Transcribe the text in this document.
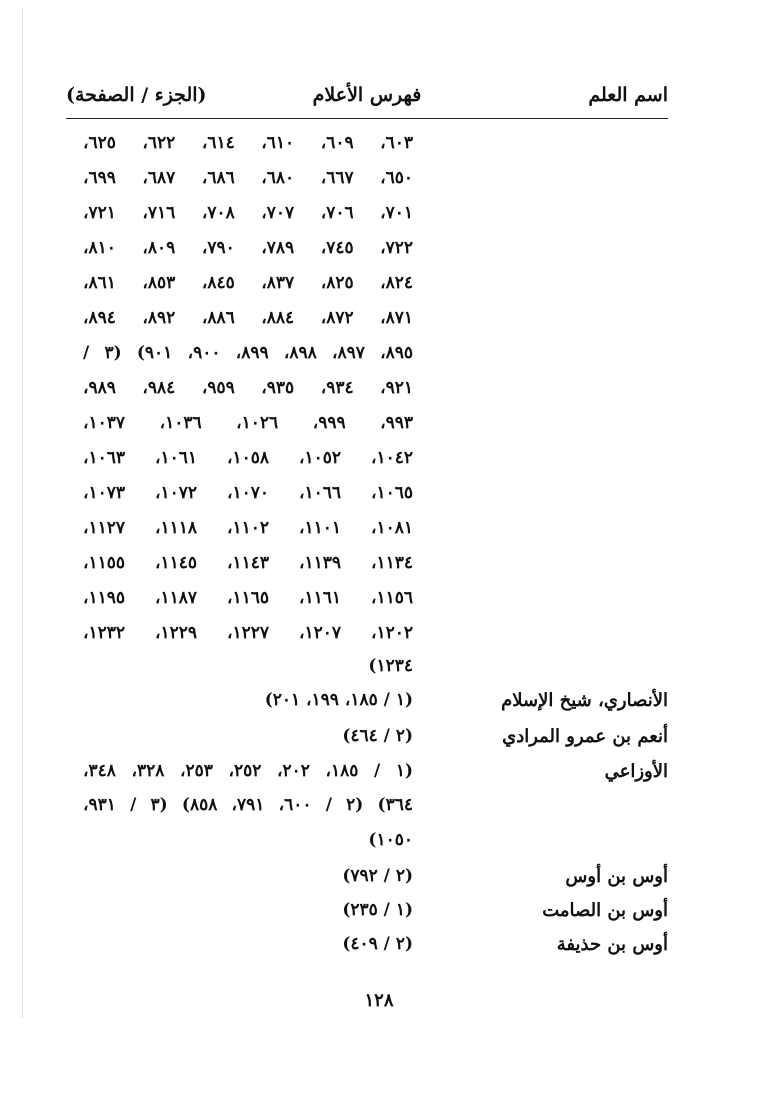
اسم العلم
فهرس الأعلام
(الجزء / الصفحة)
٦٠٣، ٦٠٩، ٦١٠، ٦١٤، ٦٢٢، ٦٢٥،
٦٥٠، ٦٦٧، ٦٨٠، ٦٨٦، ٦٨٧، ٦٩٩،
٧٠١، ٧٠٦، ٧٠٧، ٧٠٨، ٧١٦، ٧٢١،
٧٢٢، ٧٤٥، ٧٨٩، ٧٩٠، ٨٠٩، ٨١٠،
٨٢٤، ٨٢٥، ٨٣٧، ٨٤٥، ٨٥٣، ٨٦١،
٨٧١، ٨٧٢، ٨٨٤، ٨٨٦، ٨٩٢، ٨٩٤،
٨٩٥، ٨٩٧، ٨٩٨، ٨٩٩، ٩٠٠، ٩٠١) (٣ /
٩٢١، ٩٣٤، ٩٣٥، ٩٥٩، ٩٨٤، ٩٨٩،
٩٩٣، ٩٩٩، ١٠٢٦، ١٠٣٦، ١٠٣٧،
١٠٤٢، ١٠٥٢، ١٠٥٨، ١٠٦١، ١٠٦٣،
١٠٦٥، ١٠٦٦، ١٠٧٠، ١٠٧٢، ١٠٧٣،
١٠٨١، ١١٠١، ١١٠٢، ١١١٨، ١١٢٧،
١١٣٤، ١١٣٩، ١١٤٣، ١١٤٥، ١١٥٥،
١١٥٦، ١١٦١، ١١٦٥، ١١٨٧، ١١٩٥،
١٢٠٢، ١٢٠٧، ١٢٢٧، ١٢٢٩، ١٢٣٢،
١٢٣٤)
الأنصاري، شيخ الإسلام
(١ / ١٨٥، ١٩٩، ٢٠١)
أنعم بن عمرو المرادي
(٢ / ٤٦٤)
الأوزاعي
(١ / ١٨٥، ٢٠٢، ٢٥٢، ٢٥٣، ٣٢٨، ٣٤٨،
٣٦٤) (٢ / ٦٠٠، ٧٩١، ٨٥٨) (٣ / ٩٣١،
١٠٥٠)
أوس بن أوس
(٢ / ٧٩٢)
أوس بن الصامت
(١ / ٢٣٥)
أوس بن حذيفة
(٢ / ٤٠٩)
١٢٨
